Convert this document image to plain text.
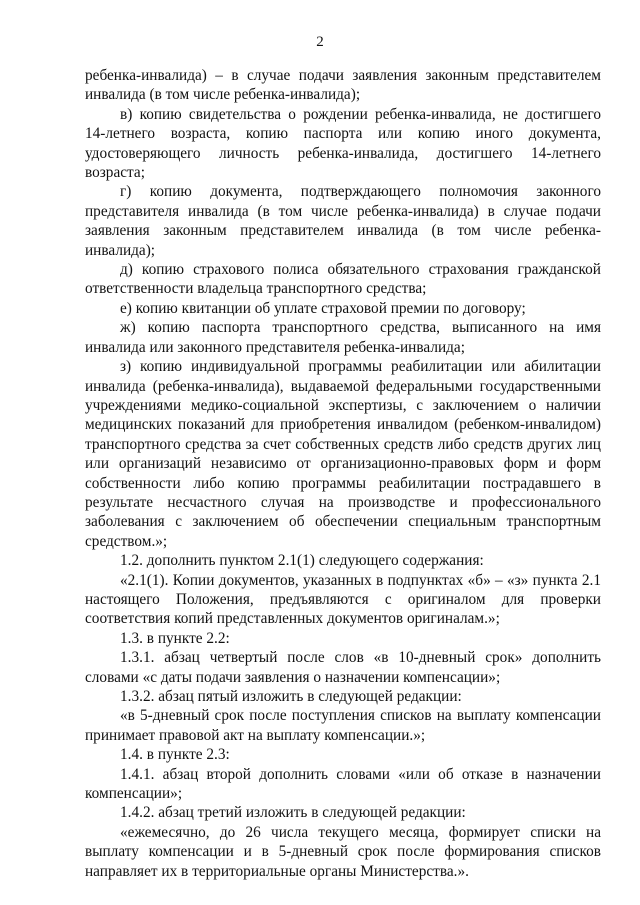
2

ребенка-инвалида) – в случае подачи заявления законным представителем инвалида (в том числе ребенка-инвалида);

в) копию свидетельства о рождении ребенка-инвалида, не достигшего 14-летнего возраста, копию паспорта или копию иного документа, удостоверяющего личность ребенка-инвалида, достигшего 14-летнего возраста;

г) копию документа, подтверждающего полномочия законного представителя инвалида (в том числе ребенка-инвалида) в случае подачи заявления законным представителем инвалида (в том числе ребенка-инвалида);

д) копию страхового полиса обязательного страхования гражданской ответственности владельца транспортного средства;

е) копию квитанции об уплате страховой премии по договору;

ж) копию паспорта транспортного средства, выписанного на имя инвалида или законного представителя ребенка-инвалида;

з) копию индивидуальной программы реабилитации или абилитации инвалида (ребенка-инвалида), выдаваемой федеральными государственными учреждениями медико-социальной экспертизы, с заключением о наличии медицинских показаний для приобретения инвалидом (ребенком-инвалидом) транспортного средства за счет собственных средств либо средств других лиц или организаций независимо от организационно-правовых форм и форм собственности либо копию программы реабилитации пострадавшего в результате несчастного случая на производстве и профессионального заболевания с заключением об обеспечении специальным транспортным средством.»;

1.2. дополнить пунктом 2.1(1) следующего содержания:

«2.1(1). Копии документов, указанных в подпунктах «б» – «з» пункта 2.1 настоящего Положения, предъявляются с оригиналом для проверки соответствия копий представленных документов оригиналам.»;

1.3. в пункте 2.2:

1.3.1. абзац четвертый после слов «в 10-дневный срок» дополнить словами «с даты подачи заявления о назначении компенсации»;

1.3.2. абзац пятый изложить в следующей редакции:

«в 5-дневный срок после поступления списков на выплату компенсации принимает правовой акт на выплату компенсации.»;

1.4. в пункте 2.3:

1.4.1. абзац второй дополнить словами «или об отказе в назначении компенсации»;

1.4.2. абзац третий изложить в следующей редакции:

«ежемесячно, до 26 числа текущего месяца, формирует списки на выплату компенсации и в 5-дневный срок после формирования списков направляет их в территориальные органы Министерства.».
